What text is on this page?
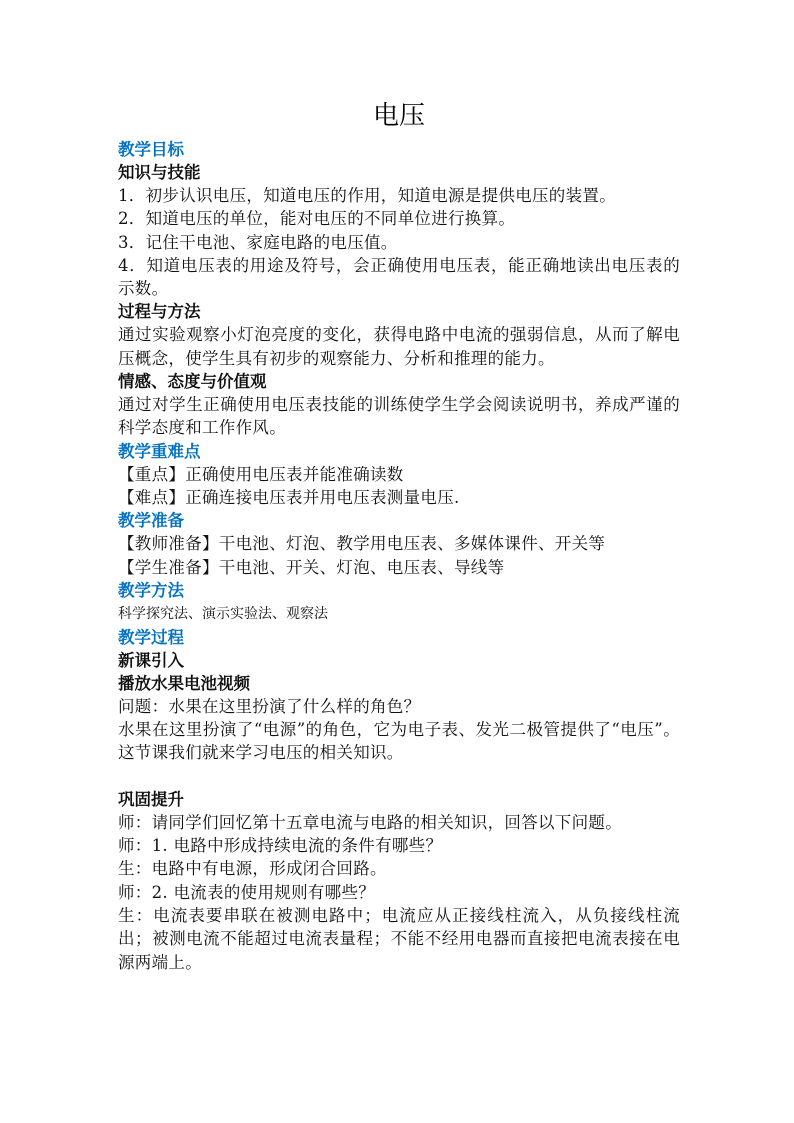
电压
教学目标
知识与技能
1．初步认识电压，知道电压的作用，知道电源是提供电压的装置。
2．知道电压的单位，能对电压的不同单位进行换算。
3．记住干电池、家庭电路的电压值。
4．知道电压表的用途及符号，会正确使用电压表，能正确地读出电压表的示数。
过程与方法
通过实验观察小灯泡亮度的变化，获得电路中电流的强弱信息，从而了解电压概念，使学生具有初步的观察能力、分析和推理的能力。
情感、态度与价值观
通过对学生正确使用电压表技能的训练使学生学会阅读说明书，养成严谨的科学态度和工作作风。
教学重难点
【重点】正确使用电压表并能准确读数
【难点】正确连接电压表并用电压表测量电压.
教学准备
【教师准备】干电池、灯泡、教学用电压表、多媒体课件、开关等
【学生准备】干电池、开关、灯泡、电压表、导线等
教学方法
科学探究法、演示实验法、观察法
教学过程
新课引入
播放水果电池视频
问题：水果在这里扮演了什么样的角色？
水果在这里扮演了“电源”的角色，它为电子表、发光二极管提供了“电压”。这节课我们就来学习电压的相关知识。
巩固提升
师：请同学们回忆第十五章电流与电路的相关知识，回答以下问题。
师：1. 电路中形成持续电流的条件有哪些？
生：电路中有电源，形成闭合回路。
师：2. 电流表的使用规则有哪些？
生：电流表要串联在被测电路中；电流应从正接线柱流入，从负接线柱流出；被测电流不能超过电流表量程；不能不经用电器而直接把电流表接在电源两端上。
